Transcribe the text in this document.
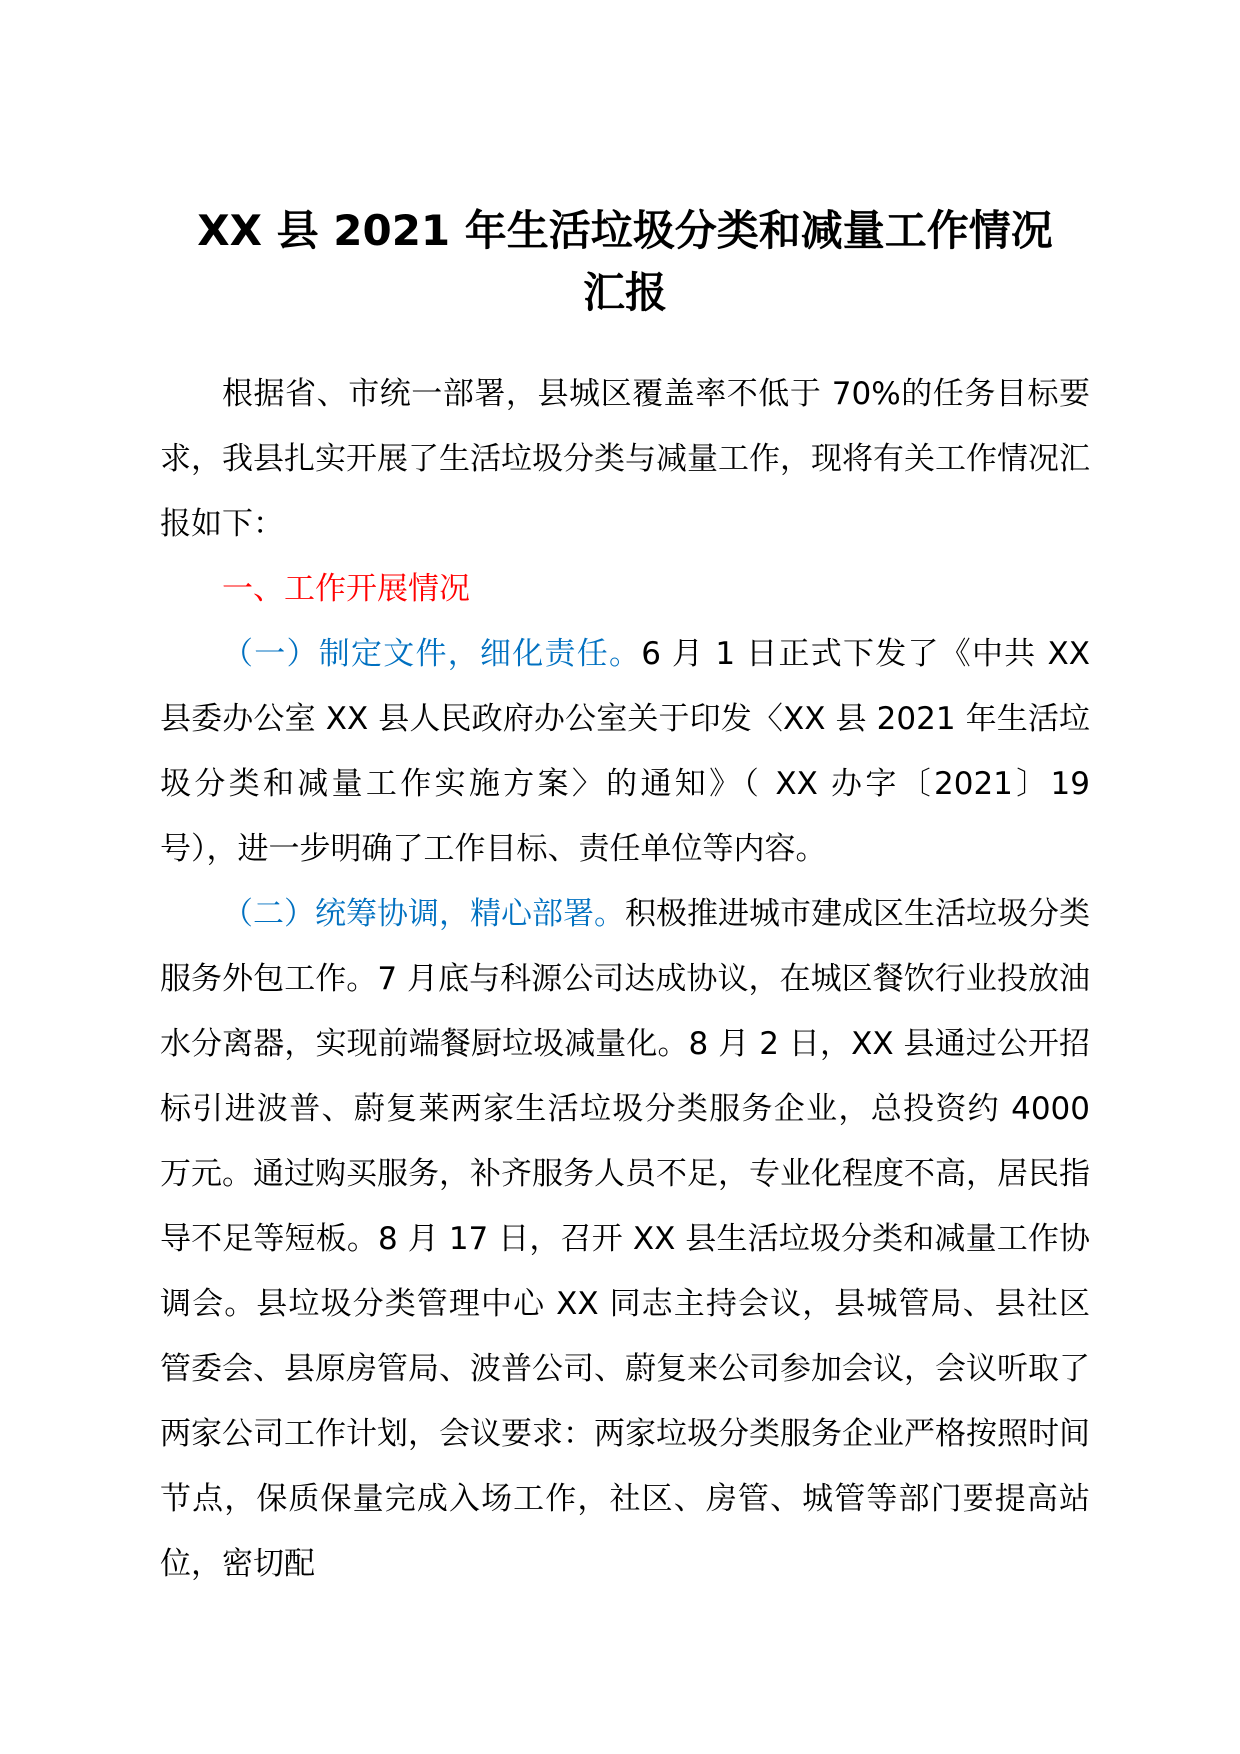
XX 县 2021 年生活垃圾分类和减量工作情况
汇报

根据省、市统一部署，县城区覆盖率不低于 70%的任务目标要求，我县扎实开展了生活垃圾分类与减量工作，现将有关工作情况汇报如下：

一、工作开展情况

（一）制定文件，细化责任。6 月 1 日正式下发了《中共 XX 县委办公室 XX 县人民政府办公室关于印发〈XX 县 2021 年生活垃圾分类和减量工作实施方案〉的通知》（ XX 办字〔2021〕19 号），进一步明确了工作目标、责任单位等内容。

（二）统筹协调，精心部署。积极推进城市建成区生活垃圾分类服务外包工作。7 月底与科源公司达成协议，在城区餐饮行业投放油水分离器，实现前端餐厨垃圾减量化。8 月 2 日，XX 县通过公开招标引进波普、蔚复莱两家生活垃圾分类服务企业，总投资约 4000 万元。通过购买服务，补齐服务人员不足，专业化程度不高，居民指导不足等短板。8 月 17 日，召开 XX 县生活垃圾分类和减量工作协调会。县垃圾分类管理中心 XX 同志主持会议，县城管局、县社区管委会、县原房管局、波普公司、蔚复来公司参加会议，会议听取了两家公司工作计划，会议要求：两家垃圾分类服务企业严格按照时间节点，保质保量完成入场工作，社区、房管、城管等部门要提高站位，密切配
